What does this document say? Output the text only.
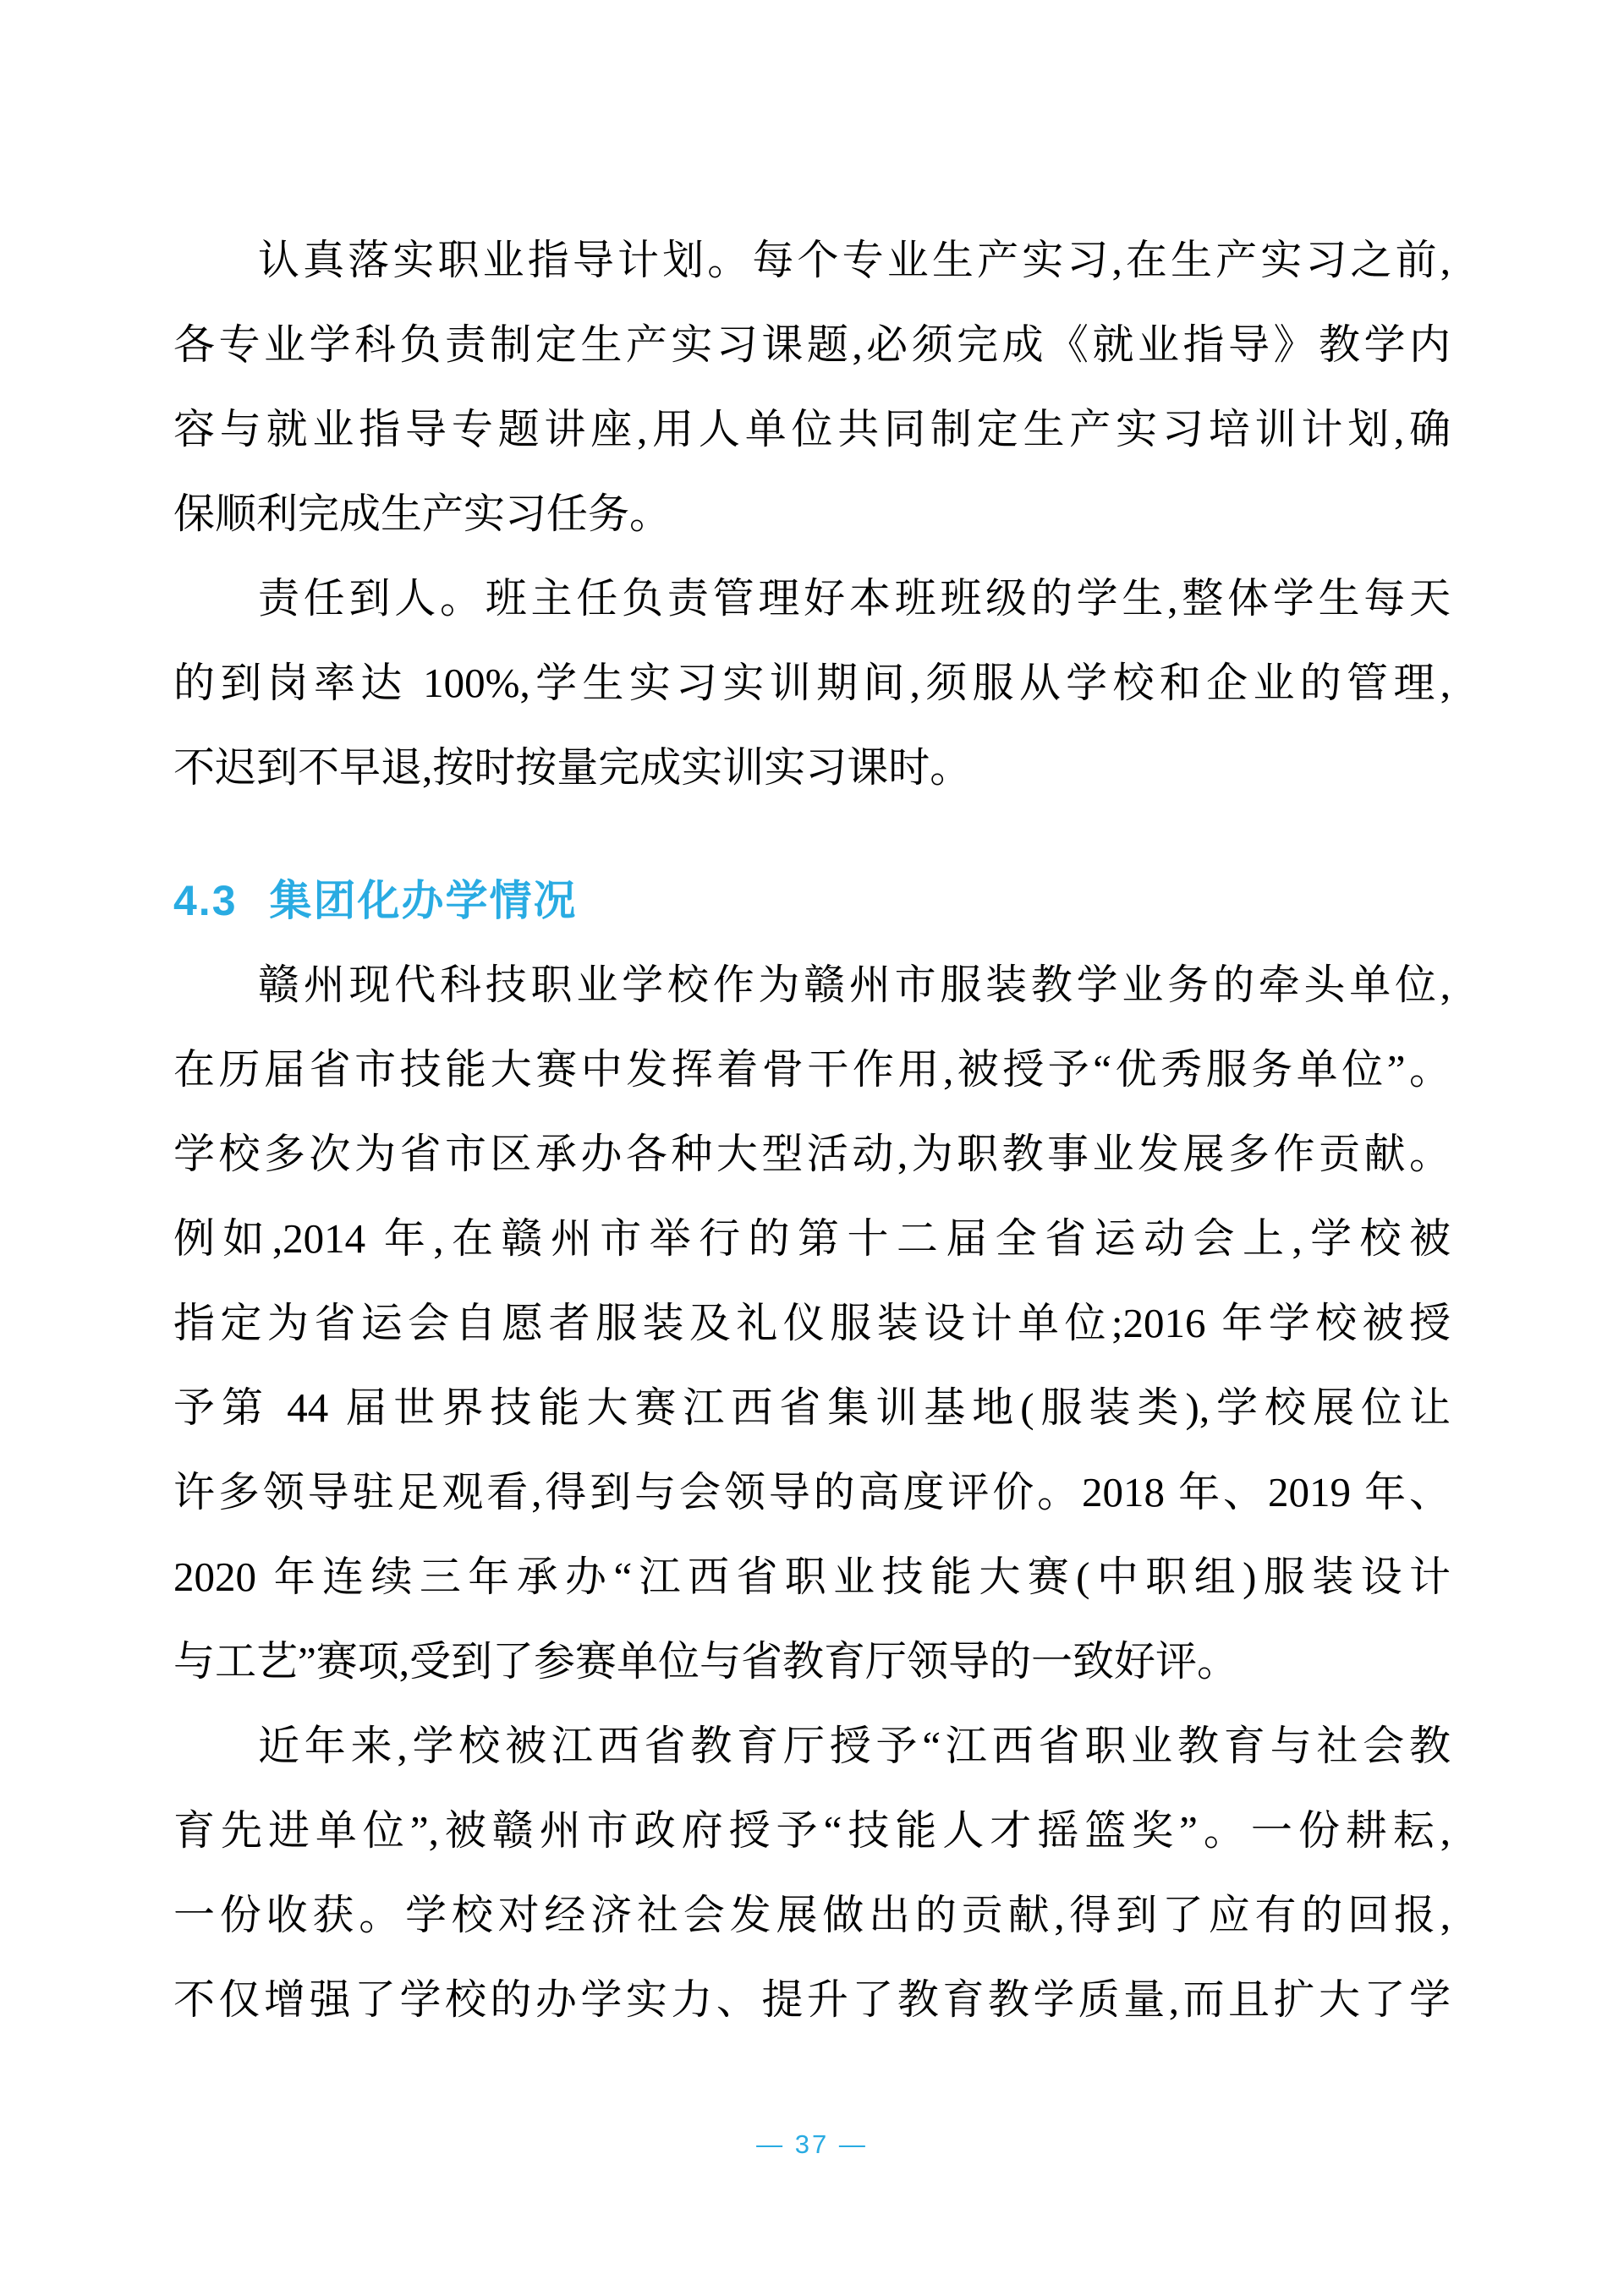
认真落实职业指导计划。每个专业生产实习,在生产实习之前,
各专业学科负责制定生产实习课题,必须完成《就业指导》教学内
容与就业指导专题讲座,用人单位共同制定生产实习培训计划,确
保顺利完成生产实习任务。

责任到人。班主任负责管理好本班班级的学生,整体学生每天
的到岗率达 100%,学生实习实训期间,须服从学校和企业的管理,
不迟到不早退,按时按量完成实训实习课时。

4.3 集团化办学情况

赣州现代科技职业学校作为赣州市服装教学业务的牵头单位,
在历届省市技能大赛中发挥着骨干作用,被授予“优秀服务单位”。
学校多次为省市区承办各种大型活动,为职教事业发展多作贡献。
例如,2014 年,在赣州市举行的第十二届全省运动会上,学校被
指定为省运会自愿者服装及礼仪服装设计单位;2016 年学校被授
予第 44 届世界技能大赛江西省集训基地(服装类),学校展位让
许多领导驻足观看,得到与会领导的高度评价。2018 年、2019 年、
2020 年连续三年承办“江西省职业技能大赛(中职组)服装设计
与工艺”赛项,受到了参赛单位与省教育厅领导的一致好评。

近年来,学校被江西省教育厅授予“江西省职业教育与社会教
育先进单位”,被赣州市政府授予“技能人才摇篮奖”。一份耕耘,
一份收获。学校对经济社会发展做出的贡献,得到了应有的回报,
不仅增强了学校的办学实力、提升了教育教学质量,而且扩大了学

— 37 —
